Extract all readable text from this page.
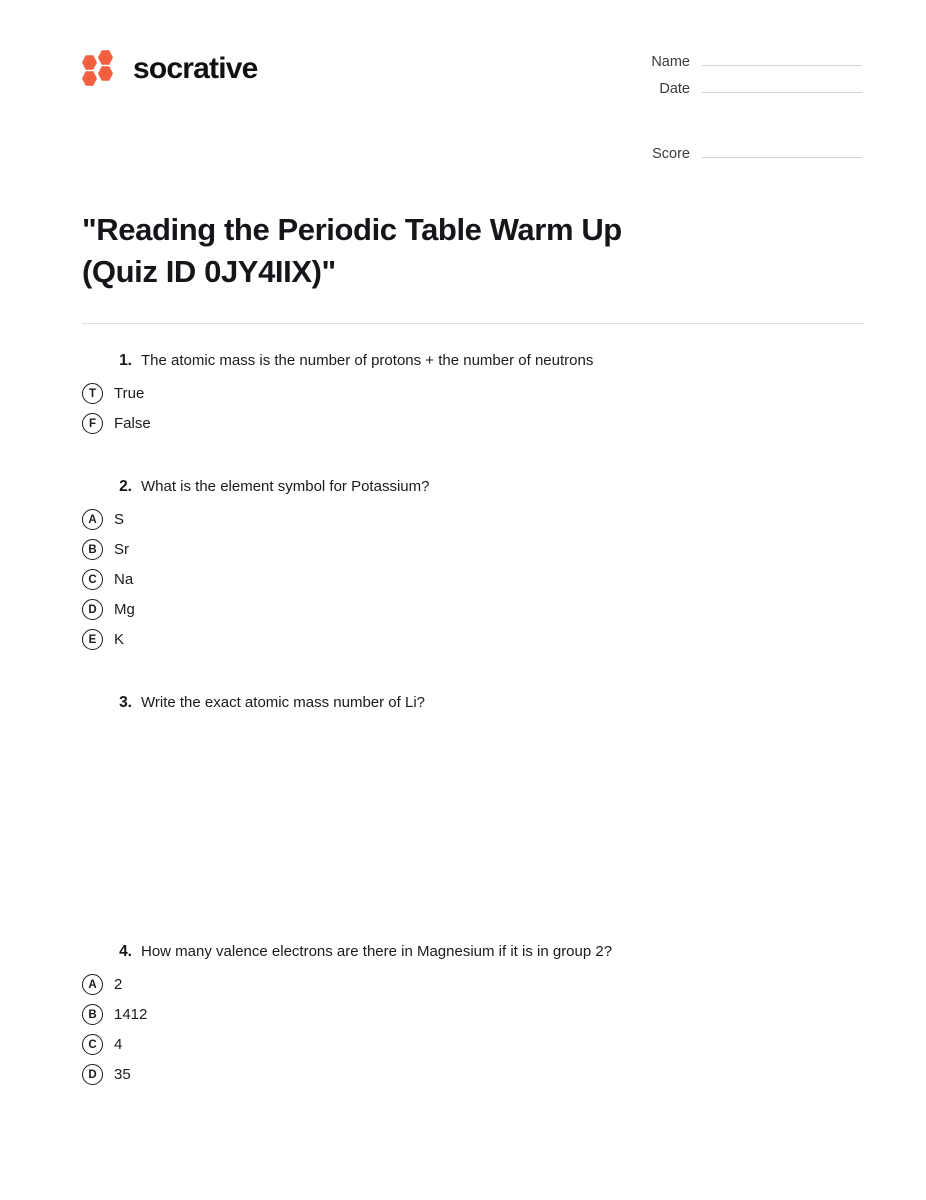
socrative	Name
Date
Score
"Reading the Periodic Table Warm Up (Quiz ID 0JY4IIX)"
1. The atomic mass is the number of protons + the number of neutrons
T	True
F	False
2. What is the element symbol for Potassium?
A	S
B	Sr
C	Na
D	Mg
E	K
3. Write the exact atomic mass number of Li?
4. How many valence electrons are there in Magnesium if it is in group 2?
A	2
B	1412
C	4
D	35
